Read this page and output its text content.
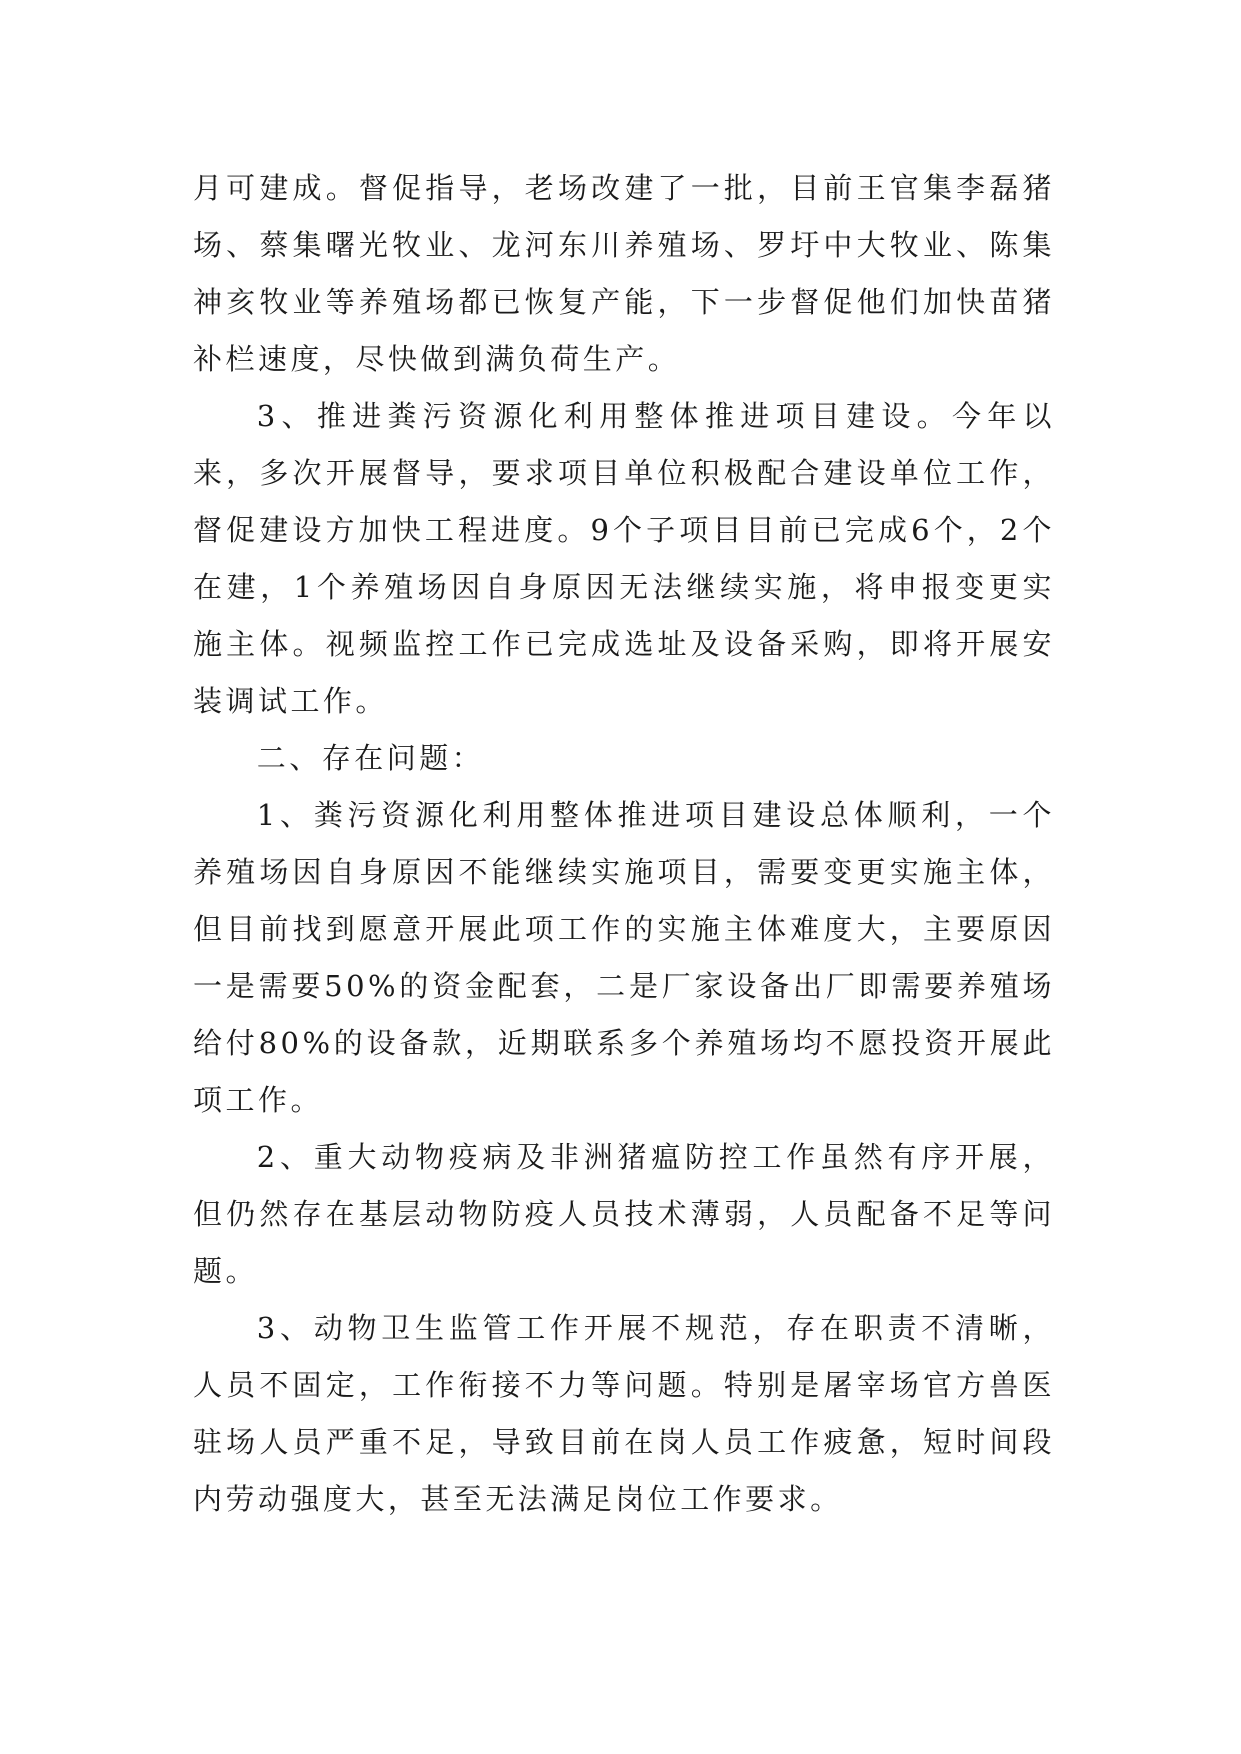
月可建成。督促指导，老场改建了一批，目前王官集李磊猪场、蔡集曙光牧业、龙河东川养殖场、罗圩中大牧业、陈集神亥牧业等养殖场都已恢复产能，下一步督促他们加快苗猪补栏速度，尽快做到满负荷生产。

3、推进粪污资源化利用整体推进项目建设。今年以来，多次开展督导，要求项目单位积极配合建设单位工作，督促建设方加快工程进度。9个子项目目前已完成6个，2个在建，1个养殖场因自身原因无法继续实施，将申报变更实施主体。视频监控工作已完成选址及设备采购，即将开展安装调试工作。

二、存在问题：

1、粪污资源化利用整体推进项目建设总体顺利，一个养殖场因自身原因不能继续实施项目，需要变更实施主体，但目前找到愿意开展此项工作的实施主体难度大，主要原因一是需要50%的资金配套，二是厂家设备出厂即需要养殖场给付80%的设备款，近期联系多个养殖场均不愿投资开展此项工作。

2、重大动物疫病及非洲猪瘟防控工作虽然有序开展，但仍然存在基层动物防疫人员技术薄弱，人员配备不足等问题。

3、动物卫生监管工作开展不规范，存在职责不清晰，人员不固定，工作衔接不力等问题。特别是屠宰场官方兽医驻场人员严重不足，导致目前在岗人员工作疲惫，短时间段内劳动强度大，甚至无法满足岗位工作要求。
